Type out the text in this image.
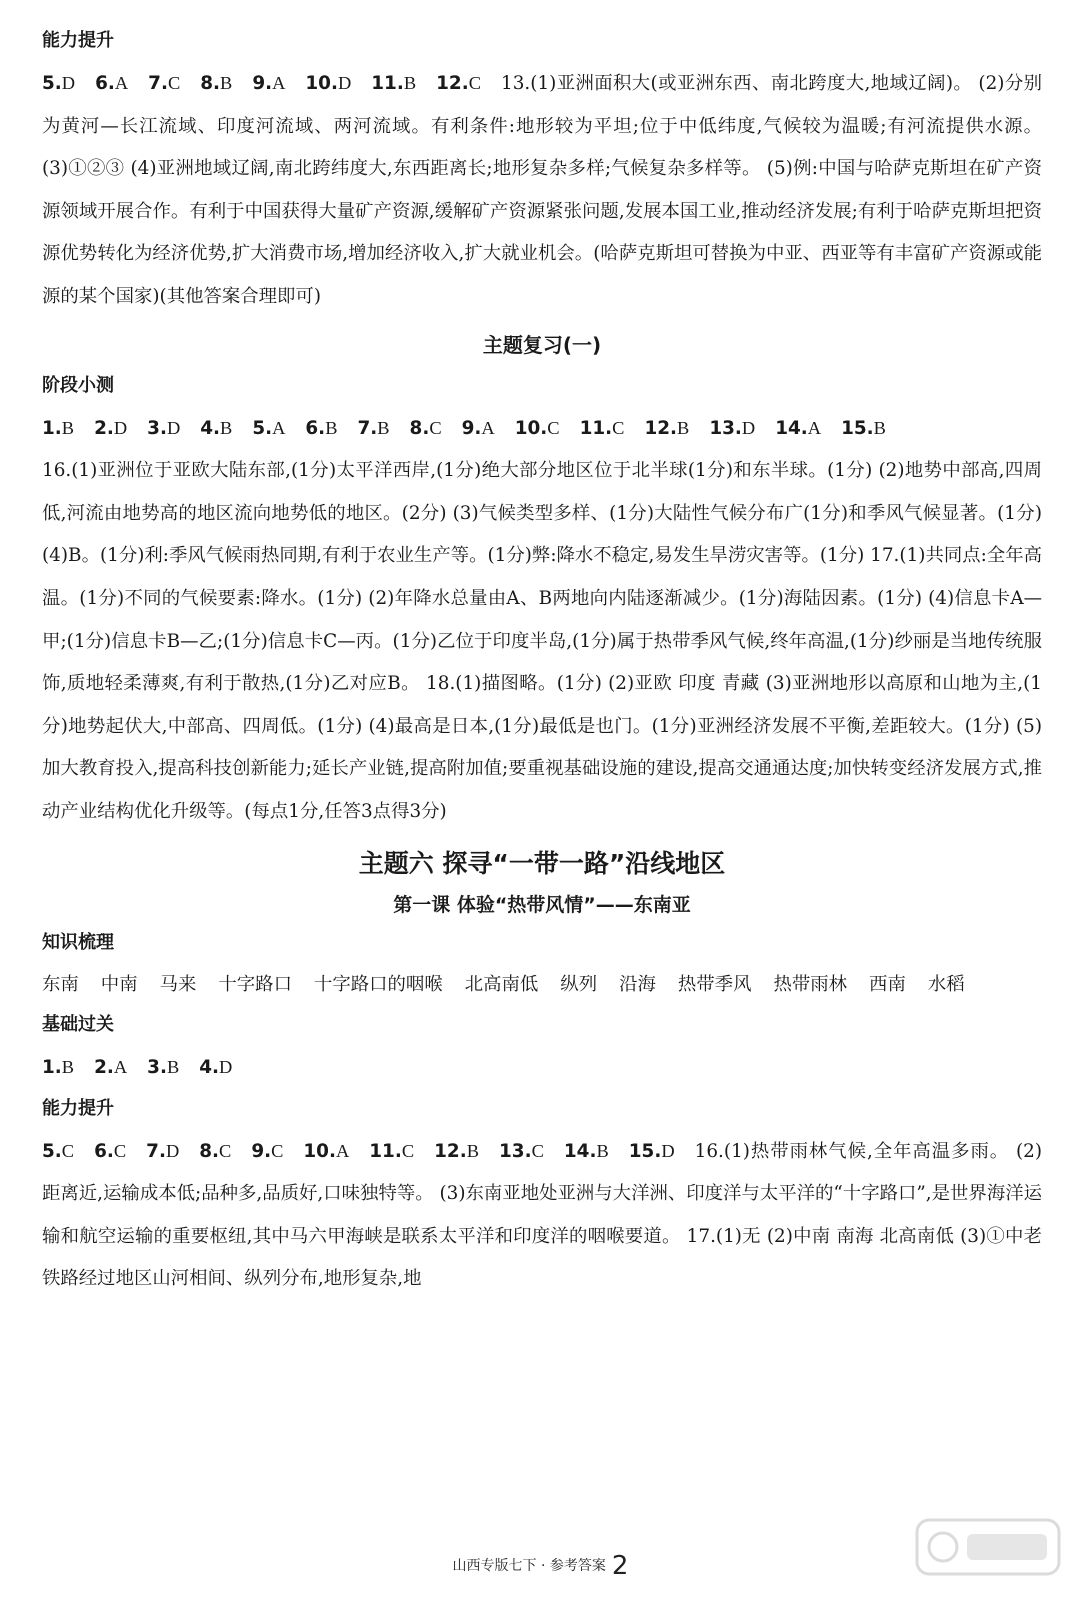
能力提升

5.D 6.A 7.C 8.B 9.A 10.D 11.B 12.C 13.(1)亚洲面积大(或亚洲东西、南北跨度大,地域辽阔)。 (2)分别为黄河—长江流域、印度河流域、两河流域。有利条件:地形较为平坦;位于中低纬度,气候较为温暖;有河流提供水源。 (3)①②③ (4)亚洲地域辽阔,南北跨纬度大,东西距离长;地形复杂多样;气候复杂多样等。 (5)例:中国与哈萨克斯坦在矿产资源领域开展合作。有利于中国获得大量矿产资源,缓解矿产资源紧张问题,发展本国工业,推动经济发展;有利于哈萨克斯坦把资源优势转化为经济优势,扩大消费市场,增加经济收入,扩大就业机会。(哈萨克斯坦可替换为中亚、西亚等有丰富矿产资源或能源的某个国家)(其他答案合理即可)

主题复习(一)
阶段小测

1.B 2.D 3.D 4.B 5.A 6.B 7.B 8.C 9.A 10.C 11.C 12.B 13.D 14.A 15.B

16.(1)亚洲位于亚欧大陆东部,(1分)太平洋西岸,(1分)绝大部分地区位于北半球(1分)和东半球。(1分) (2)地势中部高,四周低,河流由地势高的地区流向地势低的地区。(2分) (3)气候类型多样、(1分)大陆性气候分布广(1分)和季风气候显著。(1分) (4)B。(1分)利:季风气候雨热同期,有利于农业生产等。(1分)弊:降水不稳定,易发生旱涝灾害等。(1分) 17.(1)共同点:全年高温。(1分)不同的气候要素:降水。(1分) (2)年降水总量由A、B两地向内陆逐渐减少。(1分)海陆因素。(1分) (4)信息卡A—甲;(1分)信息卡B—乙;(1分)信息卡C—丙。(1分)乙位于印度半岛,(1分)属于热带季风气候,终年高温,(1分)纱丽是当地传统服饰,质地轻柔薄爽,有利于散热,(1分)乙对应B。 18.(1)描图略。(1分) (2)亚欧 印度 青藏 (3)亚洲地形以高原和山地为主,(1分)地势起伏大,中部高、四周低。(1分) (4)最高是日本,(1分)最低是也门。(1分)亚洲经济发展不平衡,差距较大。(1分) (5)加大教育投入,提高科技创新能力;延长产业链,提高附加值;要重视基础设施的建设,提高交通通达度;加快转变经济发展方式,推动产业结构优化升级等。(每点1分,任答3点得3分)

主题六 探寻“一带一路”沿线地区
第一课 体验“热带风情”——东南亚
知识梳理

东南 中南 马来 十字路口 十字路口的咽喉 北高南低 纵列 沿海 热带季风 热带雨林 西南 水稻

基础过关

1.B 2.A 3.B 4.D

能力提升

5.C 6.C 7.D 8.C 9.C 10.A 11.C 12.B 13.C 14.B 15.D 16.(1)热带雨林气候,全年高温多雨。 (2)距离近,运输成本低;品种多,品质好,口味独特等。 (3)东南亚地处亚洲与大洋洲、印度洋与太平洋的“十字路口”,是世界海洋运输和航空运输的重要枢纽,其中马六甲海峡是联系太平洋和印度洋的咽喉要道。 17.(1)无 (2)中南 南海 北高南低 (3)①中老铁路经过地区山河相间、纵列分布,地形复杂,地

山西专版七下 · 参考答案 2
